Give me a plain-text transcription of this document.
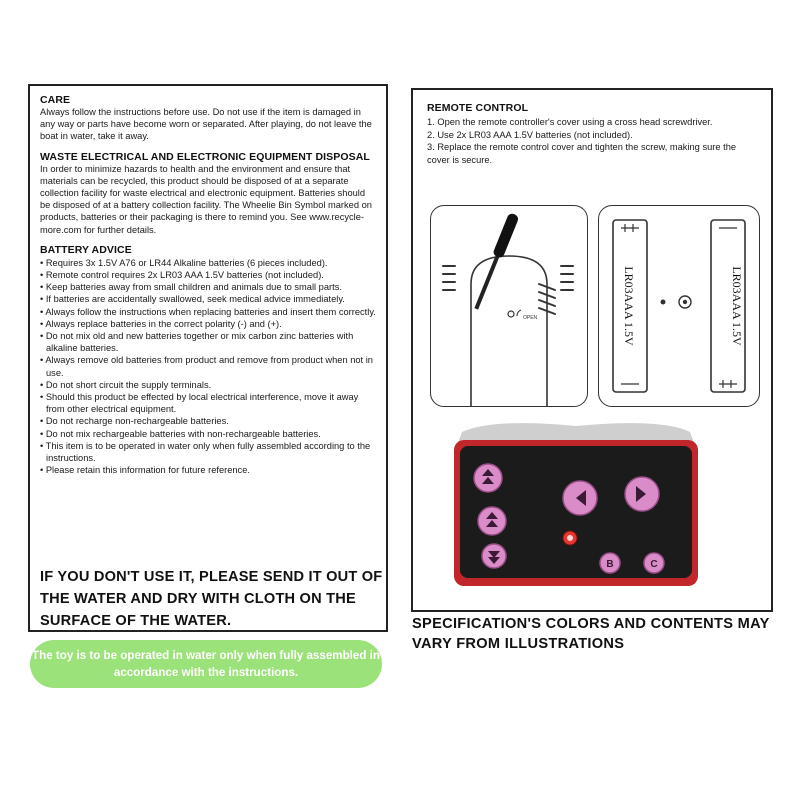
CARE

Always follow the instructions before use. Do not use if the item is damaged in any way or parts have become worn or separated. After playing, do not leave the boat in water, take it away.

WASTE ELECTRICAL AND ELECTRONIC EQUIPMENT DISPOSAL

In order to minimize hazards to health and the environment and ensure that materials can be recycled, this product should be disposed of at a separate collection facility for waste electrical and electronic equipment. Batteries should be disposed of at a battery collection facility. The Wheelie Bin Symbol marked on products, batteries or their packaging is there to remind you. See www.recycle-more.com for further details.

BATTERY ADVICE

• Requires 3x 1.5V A76 or LR44 Alkaline batteries (6 pieces included).
• Remote control requires 2x LR03 AAA 1.5V batteries (not included).
• Keep batteries away from small children and animals due to small parts.
• If batteries are accidentally swallowed, seek medical advice immediately.
• Always follow the instructions when replacing batteries and insert them correctly.
• Always replace batteries in the correct polarity (-) and (+).
• Do not mix old and new batteries together or mix carbon zinc batteries with alkaline batteries.
• Always remove old batteries from product and remove from product when not in use.
• Do not short circuit the supply terminals.
• Should this product be effected by local electrical interference, move it away from other electrical equipment.
• Do not recharge non-rechargeable batteries.
• Do not mix rechargeable batteries with non-rechargeable batteries.
• This item is to be operated in water only when fully assembled according to the instructions.
• Please retain this information for future reference.
IF YOU DON'T USE IT, PLEASE SEND IT OUT OF THE WATER AND DRY WITH CLOTH ON THE SURFACE OF THE WATER.
The toy is to be operated in water only when fully assembled in accordance with the instructions.

REMOTE CONTROL

1. Open the remote controller's cover using a cross head screwdriver.
2. Use 2x LR03 AAA 1.5V batteries (not included).
3. Replace the remote control cover and tighten the screw, making sure the cover is secure.
OPEN	LR03AAA 1.5V	LR03AAA 1.5V
B	C
SPECIFICATION'S COLORS AND CONTENTS MAY VARY FROM ILLUSTRATIONS
